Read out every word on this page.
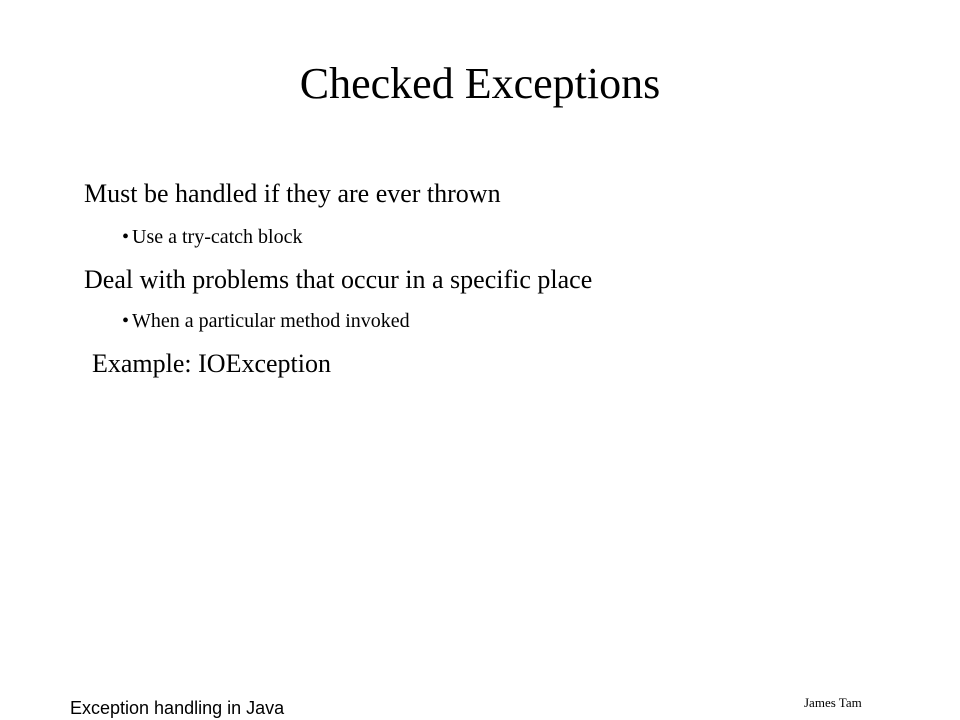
Checked Exceptions
Must be handled if they are ever thrown
• Use a try-catch block
Deal with problems that occur in a specific place
• When a particular method invoked
Example: IOException
Exception handling in Java	James Tam
